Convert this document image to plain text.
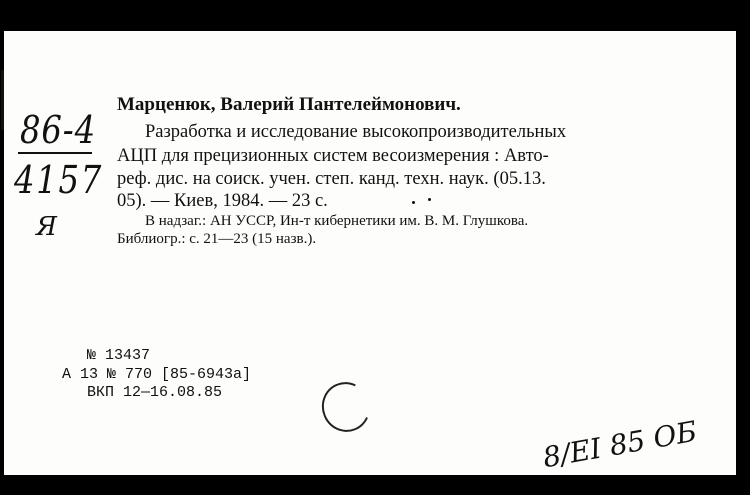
86-4
4157
Я
Марценюк, Валерий Пантелеймонович.
Разработка и исследование высокопроизводительных
АЦП для прецизионных систем весоизмерения : Авто-
реф. дис. на соиск. учен. степ. канд. техн. наук. (05.13.
05). — Киев, 1984. — 23 с.
В надзаг.: АН УССР, Ин-т кибернетики им. В. М. Глушкова.
Библиогр.: с. 21—23 (15 назв.).
№ 13437
А 13 № 770 [85-6943а]
ВКП 12—16.08.85
8/ЕІ 85 ОБ
